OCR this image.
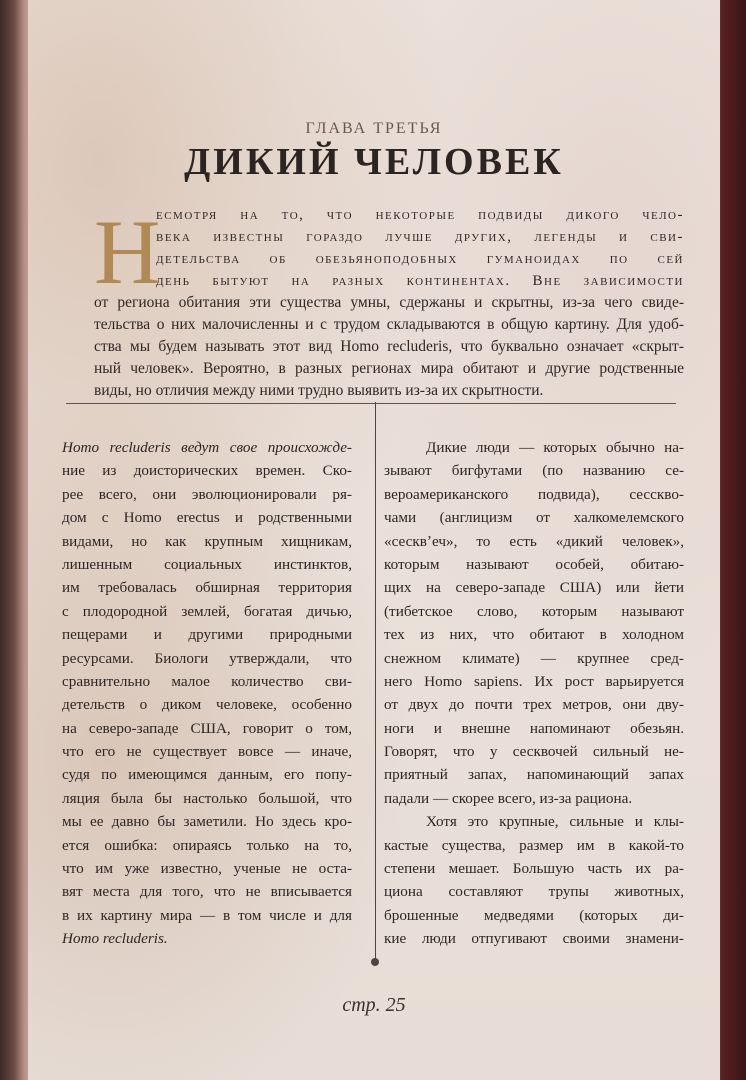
ГЛАВА ТРЕТЬЯ
ДИКИЙ ЧЕЛОВЕК
Н
есмотря на то, что некоторые подвиды дикого чело-
века известны гораздо лучше других, легенды и сви-
детельства об обезьяноподобных гуманоидах по сей
день бытуют на разных континентах. Вне зависимости
от региона обитания эти существа умны, сдержаны и скрытны, из-за чего свиде-
тельства о них малочисленны и с трудом складываются в общую картину. Для удоб-
ства мы будем называть этот вид Homo recluderis, что буквально означает «скрыт-
ный человек». Вероятно, в разных регионах мира обитают и другие родственные
виды, но отличия между ними трудно выявить из-за их скрытности.
Homo recluderis ведут свое происхожде-
ние из доисторических времен. Ско-
рее всего, они эволюционировали ря-
дом с Homo erectus и родственными
видами, но как крупным хищникам,
лишенным социальных инстинктов,
им требовалась обширная территория
с плодородной землей, богатая дичью,
пещерами и другими природными
ресурсами. Биологи утверждали, что
сравнительно малое количество сви-
детельств о диком человеке, особенно
на северо-западе США, говорит о том,
что его не существует вовсе — иначе,
судя по имеющимся данным, его попу-
ляция была бы настолько большой, что
мы ее давно бы заметили. Но здесь кро-
ется ошибка: опираясь только на то,
что им уже известно, ученые не оста-
вят места для того, что не вписывается
в их картину мира — в том числе и для
Homo recluderis.
Дикие люди — которых обычно на-
зывают бигфутами (по названию се-
вероамериканского подвида), сесскво-
чами (англицизм от халкомелемского
«сесквʼеч», то есть «дикий человек»,
которым называют особей, обитаю-
щих на северо-западе США) или йети
(тибетское слово, которым называют
тех из них, что обитают в холодном
снежном климате) — крупнее сред-
него Homo sapiens. Их рост варьируется
от двух до почти трех метров, они дву-
ноги и внешне напоминают обезьян.
Говорят, что у сесквочей сильный не-
приятный запах, напоминающий запах
падали — скорее всего, из-за рациона.
Хотя это крупные, сильные и клы-
кастые существа, размер им в какой-то
степени мешает. Большую часть их ра-
циона составляют трупы животных,
брошенные медведями (которых ди-
кие люди отпугивают своими знамени-
стр. 25
